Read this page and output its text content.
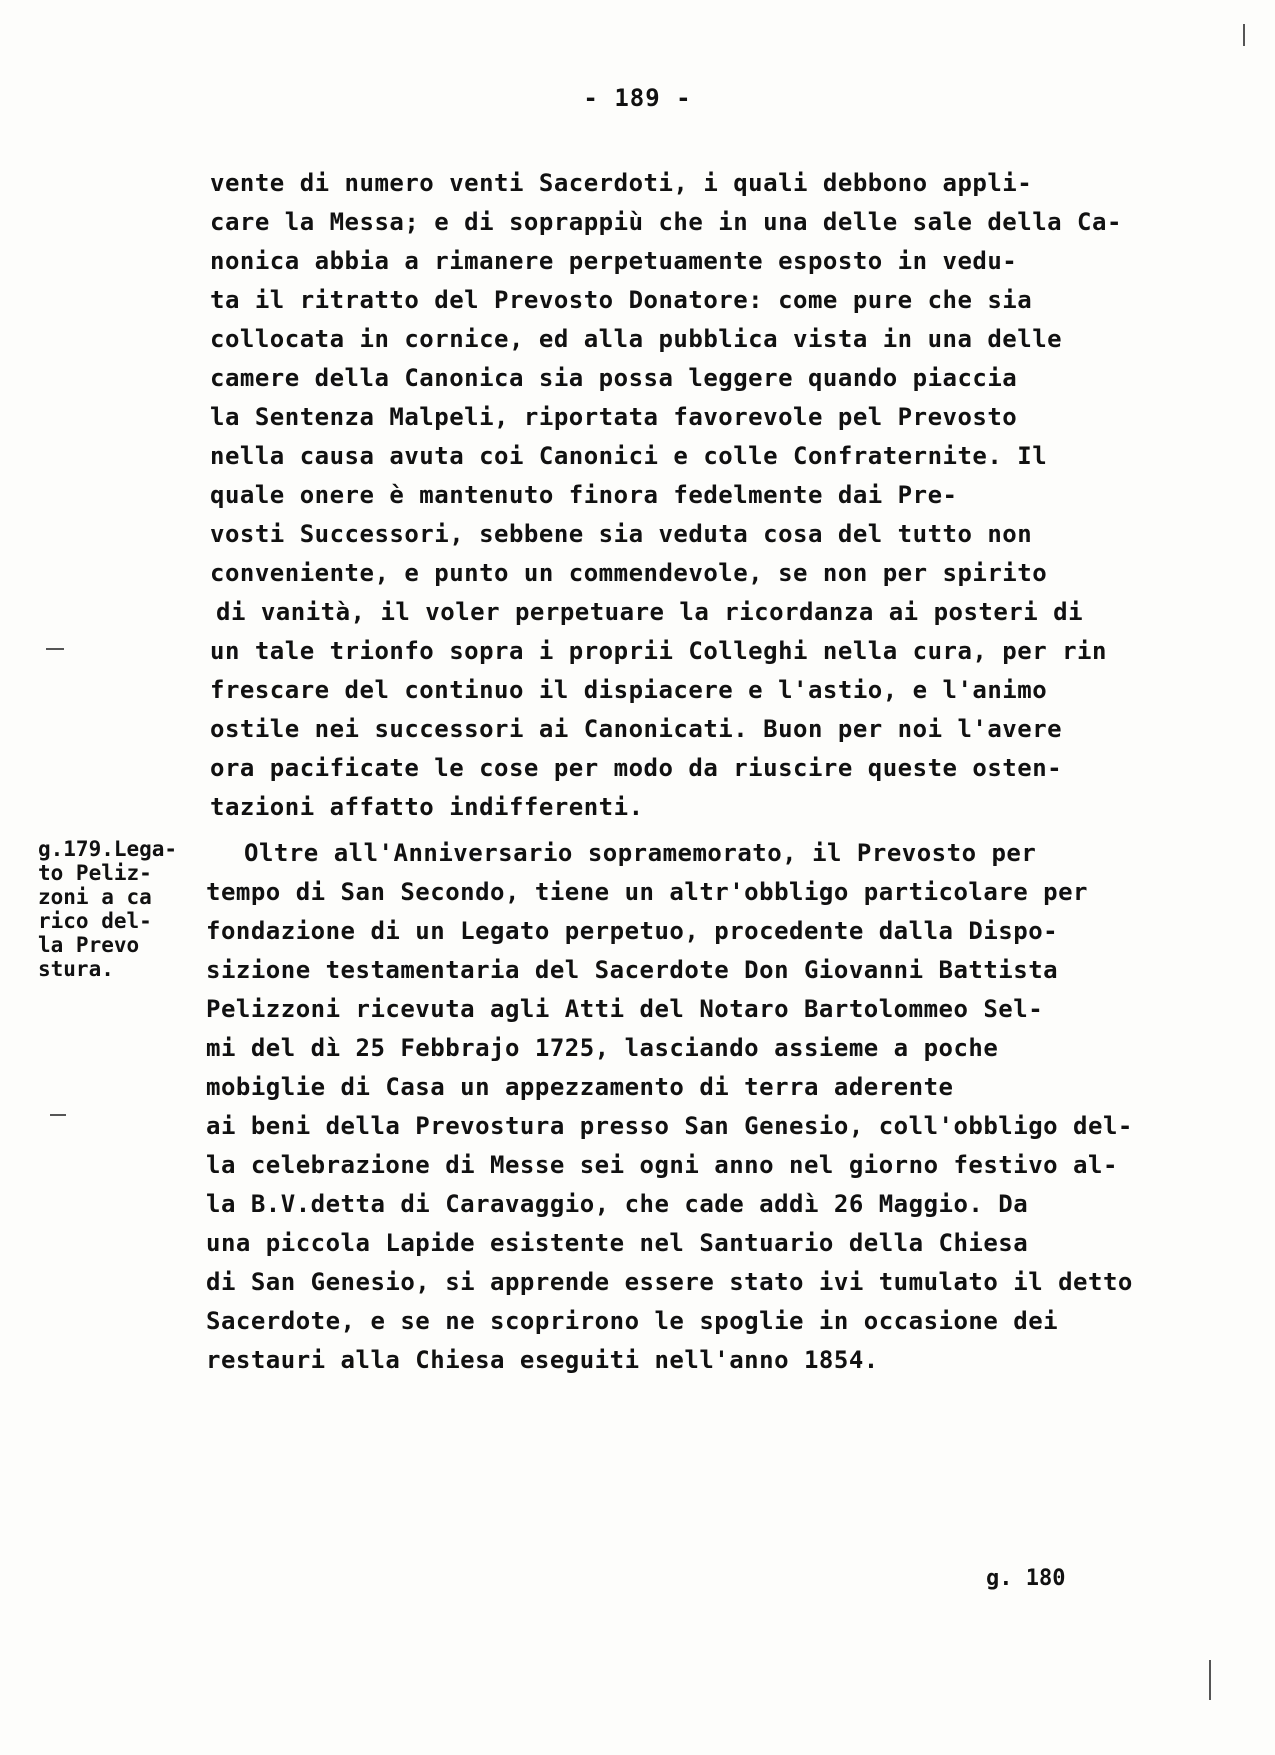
- 189 -

vente di numero venti Sacerdoti, i quali debbono appli-

care la Messa; e di soprappiù che in una delle sale della Ca-

nonica abbia a rimanere perpetuamente esposto in vedu-

ta il ritratto del Prevosto Donatore: come pure che sia

collocata in cornice, ed alla pubblica vista in una delle

camere della Canonica sia possa leggere quando piaccia

la Sentenza Malpeli, riportata favorevole pel Prevosto

nella causa avuta coi Canonici e colle Confraternite. Il

quale onere è mantenuto finora fedelmente dai Pre-

vosti Successori, sebbene sia veduta cosa del tutto non

conveniente, e punto un commendevole, se non per spirito

di vanità, il voler perpetuare la ricordanza ai posteri di

un tale trionfo sopra i proprii Colleghi nella cura, per rin

frescare del continuo il dispiacere e l'astio, e l'animo

ostile nei successori ai Canonicati. Buon per noi l'avere

ora pacificate le cose per modo da riuscire queste osten-

tazioni affatto indifferenti.

g.179.Lega-

to Peliz-

zoni a ca

rico del-

la Prevo

stura.

Oltre all'Anniversario sopramemorato, il Prevosto per

tempo di San Secondo, tiene un altr'obbligo particolare per

fondazione di un Legato perpetuo, procedente dalla Dispo-

sizione testamentaria del Sacerdote Don Giovanni Battista

Pelizzoni ricevuta agli Atti del Notaro Bartolommeo Sel-

mi del dì 25 Febbrajo 1725, lasciando assieme a poche

mobiglie di Casa un appezzamento di terra aderente

ai beni della Prevostura presso San Genesio, coll'obbligo del-

la celebrazione di Messe sei ogni anno nel giorno festivo al-

la B.V.detta di Caravaggio, che cade addì 26 Maggio. Da

una piccola Lapide esistente nel Santuario della Chiesa

di San Genesio, si apprende essere stato ivi tumulato il detto

Sacerdote, e se ne scoprirono le spoglie in occasione dei

restauri alla Chiesa eseguiti nell'anno 1854.

g. 180
